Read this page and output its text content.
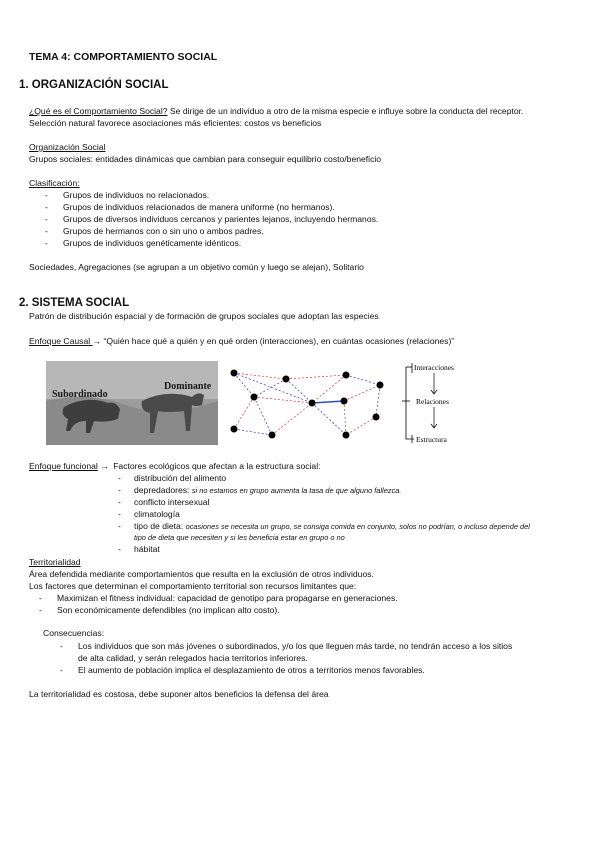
TEMA 4: COMPORTAMIENTO SOCIAL
1. ORGANIZACIÓN SOCIAL
¿Qué es el Comportamiento Social? Se dirige de un individuo a otro de la misma especie e influye sobre la conducta del receptor.
Selección natural favorece asociaciones más eficientes: costos vs beneficios
Organización Social
Grupos sociales: entidades dinámicas que cambian para conseguir equilibrio costo/beneficio
Clasificación:
-	Grupos de individuos no relacionados.
-	Grupos de individuos relacionados de manera uniforme (no hermanos).
-	Grupos de diversos individuos cercanos y parientes lejanos, incluyendo hermanos.
-	Grupos de hermanos con o sin uno o ambos padres.
-	Grupos de individuos genéticamente idénticos.
Sociedades, Agregaciones (se agrupan a un objetivo común y luego se alejan), Solitario
2. SISTEMA SOCIAL
Patrón de distribución espacial y de formación de grupos sociales que adoptan las especies
Enfoque Causal → “Quién hace qué a quién y en qué orden (interacciones), en cuántas ocasiones (relaciones)”
Subordinado
Dominante
Interacciones
Relaciones
Estructura
Enfoque funcional → Factores ecológicos que afectan a la estructura social:
-	distribución del alimento
-	depredadores: si no estamos en grupo aumenta la tasa de que alguno fallezca.
-	conflicto intersexual
-	climatología
-	tipo de dieta: ocasiones se necesita un grupo, se consiga comida en conjunto, solos no podrían, o incluso depende del
tipo de dieta que necesiten y si les beneficia estar en grupo o no
-	hábitat
Territorialidad
Área defendida mediante comportamientos que resulta en la exclusión de otros individuos.
Los factores que determinan el comportamiento territorial son recursos limitantes que:
-	Maximizan el fitness individual: capacidad de genotipo para propagarse en generaciones.
-	Son económicamente defendibles (no implican alto costo).
Consecuencias:
-	Los individuos que son más jóvenes o subordinados, y/o los que lleguen más tarde, no tendrán acceso a los sitios
de alta calidad, y serán relegados hacia territorios inferiores.
-	El aumento de población implica el desplazamiento de otros a territorios menos favorables.
La territorialidad es costosa, debe suponer altos beneficios la defensa del área
